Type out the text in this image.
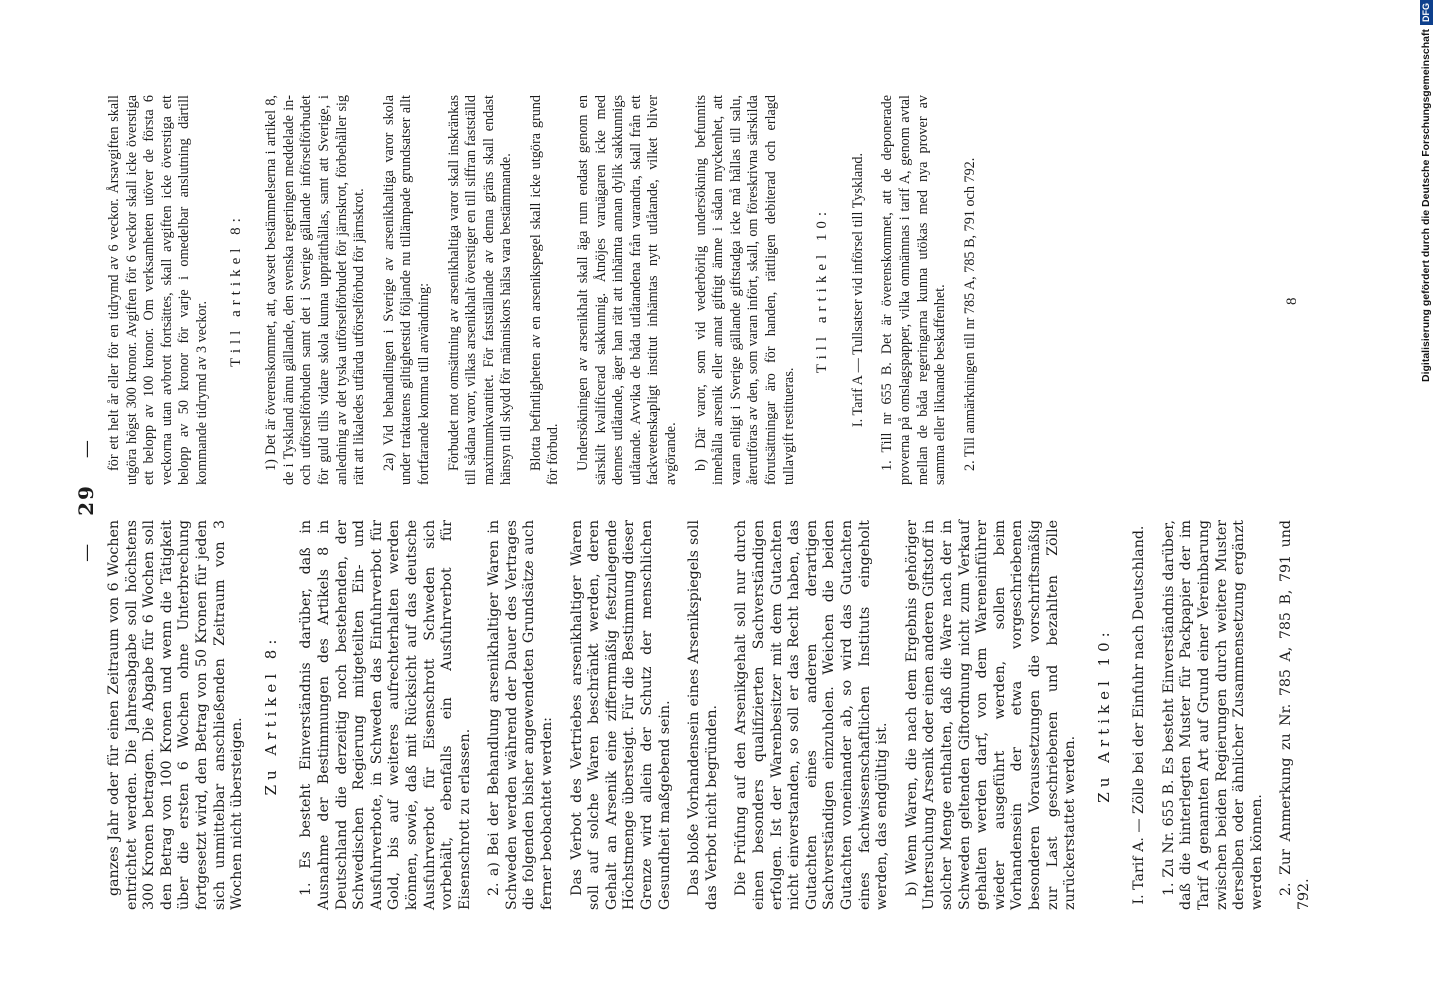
—
29
—

ganzes Jahr oder für einen Zeitraum von 6 Wochen entrichtet werden. Die Jahresabgabe soll höchstens 300 Kronen betragen. Die Abgabe für 6 Wochen soll den Betrag von 100 Kronen und wenn die Tätigkeit über die ersten 6 Wochen ohne Unterbrechung fortgesetzt wird, den Betrag von 50 Kronen für jeden sich unmittelbar anschließenden Zeitraum von 3 Wochen nicht übersteigen.

Zu Artikel 8: 1. Es besteht Einverständnis darüber, daß in Ausnahme der Bestimmungen des Artikels 8 in Deutschland die derzeitig noch bestehenden, der Schwedischen Regierung mitgeteilten Ein- und Ausfuhrverbote, in Schweden das Einfuhrverbot für Gold, bis auf weiteres aufrechterhalten werden können, sowie, daß mit Rücksicht auf das deutsche Ausfuhrverbot für Eisenschrott Schweden sich vorbehält, ebenfalls ein Ausfuhrverbot für Eisenschrott zu erlassen. 2. a) Bei der Behandlung arsenikhaltiger Waren in Schweden werden während der Dauer des Vertrages die folgenden bisher angewendeten Grundsätze auch ferner beobachtet werden: Das Verbot des Vertriebes arsenikhaltiger Waren soll auf solche Waren beschränkt werden, deren Gehalt an Arsenik eine ziffernmäßig festzulegende Höchstmenge übersteigt. Für die Bestimmung dieser Grenze wird allein der Schutz der menschlichen Gesundheit maßgebend sein. Das bloße Vorhandensein eines Arsenikspiegels soll das Verbot nicht begründen. Die Prüfung auf den Arsenikgehalt soll nur durch einen besonders qualifizierten Sachverständigen erfolgen. Ist der Warenbesitzer mit dem Gutachten nicht einverstanden, so soll er das Recht haben, das Gutachten eines anderen derartigen Sachverständigen einzuholen. Weichen die beiden Gutachten voneinander ab, so wird das Gutachten eines fachwissenschaftlichen Instituts eingeholt werden, das endgültig ist. b) Wenn Waren, die nach dem Ergebnis gehöriger Untersuchung Arsenik oder einen anderen Giftstoff in solcher Menge enthalten, daß die Ware nach der in Schweden geltenden Giftordnung nicht zum Verkauf gehalten werden darf, von dem Wareneinführer wieder ausgeführt werden, sollen beim Vorhandensein der etwa vorgeschriebenen besonderen Voraussetzungen die vorschriftsmäßig zur Last geschriebenen und bezahlten Zölle zurückerstattet werden.

Zu Artikel 10: I. Tarif A. — Zölle bei der Einfuhr nach Deutschland. 1. Zu Nr. 655 B. Es besteht Einverständnis darüber, daß die hinterlegten Muster für Packpapier der im Tarif A genannten Art auf Grund einer Vereinbarung zwischen beiden Regierungen durch weitere Muster derselben oder ähnlicher Zusammensetzung ergänzt werden können. 2. Zur Anmerkung zu Nr. 785 A, 785 B, 791 und 792.

för ett helt år eller för en tidrymd av 6 veckor. Årsavgiften skall utgöra högst 300 kronor. Avgiften för 6 veckor skall icke överstiga ett belopp av 100 kronor. Om verksamheten utöver de första 6 veckorna utan avbrott fortsättes, skall avgiften icke överstiga ett belopp av 50 kronor för varje i omedelbar anslutning därtill kommande tidrymd av 3 veckor.

Till artikel 8: 1) Det är överenskommet, att, oavsett bestämmelserna i artikel 8, de i Tyskland ännu gällande, den svenska regeringen meddelade in- och utförselförbuden samt det i Sverige gällande införselförbudet för guld tills vidare skola kunna upprätthållas, samt att Sverige, i anledning av det tyska utförselförbudet för järnskrot, förbehåller sig rätt att likaledes utfärda utförselförbud för järnskrot. 2a) Vid behandlingen i Sverige av arsenikhaltiga varor skola under traktatens giltighetstid följande nu tillämpade grundsatser allt fortfarande komma till användning: Förbudet mot omsättning av arsenikhaltiga varor skall inskränkas till sådana varor, vilkas arsenikhalt överstiger en till siffran fastställd maximumkvantitet. För fastställande av denna gräns skall endast hänsyn till skydd för människors hälsa vara bestämmande. Blotta befintligheten av en arsenikspegel skall icke utgöra grund för förbud. Undersökningen av arsenikhalt skall äga rum endast genom en särskilt kvalificerad sakkunnig. Åtnöjes varuägaren icke med dennes utlåtande, äger han rätt att inhämta annan dylik sakkunnigs utlåtande. Avvika de båda utlåtandena från varandra, skall från ett fackvetenskapligt institut inhämtas nytt utlåtande, vilket bliver avgörande. b) Där varor, som vid vederbörlig undersökning befunnits innehålla arsenik eller annat giftigt ämne i sådan myckenhet, att varan enligt i Sverige gällande giftstadga icke må hållas till salu, återutföras av den, som varan infört, skall, om föreskrivna särskilda förutsättningar äro för handen, rättligen debiterad och erlagd tullavgift restitueras.

Till artikel 10: I. Tarif A — Tullsatser vid införsel till Tyskland. 1. Till nr 655 B. Det är överenskommet, att de deponerade proverna på omslagspapper, vilka omnämnas i tarif A, genom avtal mellan de båda regeringarna kunna utökas med nya prover av samma eller liknande beskaffenhet. 2. Till anmärkningen till nr 785 A, 785 B, 791 och 792.	8	Digitalisierung gefördert durch die Deutsche Forschungsgemeinschaft
DFG
